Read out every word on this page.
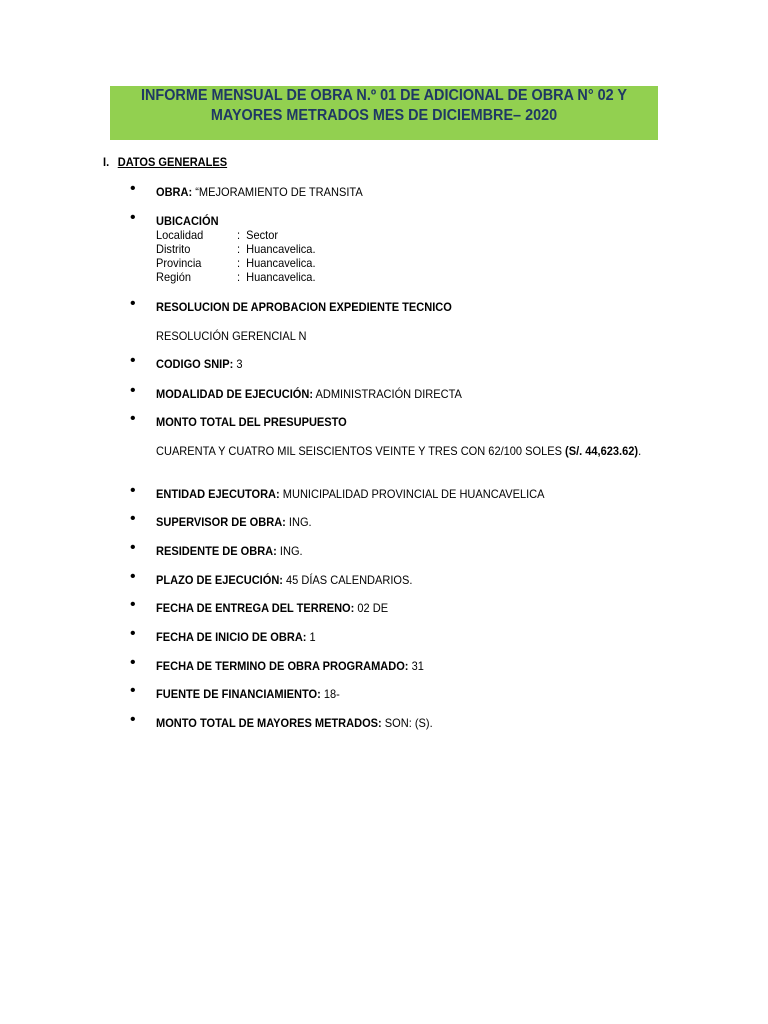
INFORME MENSUAL DE OBRA N.º 01 DE ADICIONAL DE OBRA N° 02 Y
MAYORES METRADOS MES DE DICIEMBRE– 2020
I. DATOS GENERALES
• OBRA: “MEJORAMIENTO DE TRANSITA
• UBICACIÓN
Localidad	: Sector
Distrito	: Huancavelica.
Provincia	: Huancavelica.
Región	: Huancavelica.
• RESOLUCION DE APROBACION EXPEDIENTE TECNICO
RESOLUCIÓN GERENCIAL N
• CODIGO SNIP: 3
• MODALIDAD DE EJECUCIÓN: ADMINISTRACIÓN DIRECTA
• MONTO TOTAL DEL PRESUPUESTO
CUARENTA Y CUATRO MIL SEISCIENTOS VEINTE Y TRES CON 62/100 SOLES (S/. 44,623.62).
• ENTIDAD EJECUTORA: MUNICIPALIDAD PROVINCIAL DE HUANCAVELICA
• SUPERVISOR DE OBRA: ING.
• RESIDENTE DE OBRA: ING.
• PLAZO DE EJECUCIÓN: 45 DÍAS CALENDARIOS.
• FECHA DE ENTREGA DEL TERRENO: 02 DE
• FECHA DE INICIO DE OBRA: 1
• FECHA DE TERMINO DE OBRA PROGRAMADO: 31
• FUENTE DE FINANCIAMIENTO: 18-
• MONTO TOTAL DE MAYORES METRADOS: SON: (S).
